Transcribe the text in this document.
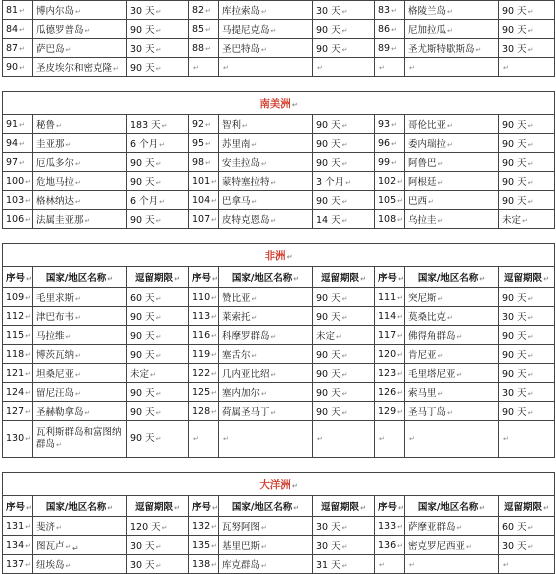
81↵	博内尔岛↵	30 天↵	82↵	库拉索岛↵	30 天↵	83↵	格陵兰岛↵	90 天↵
84↵	瓜德罗普岛↵	90 天↵	85↵	马提尼克岛↵	90 天↵	86↵	尼加拉瓜↵	90 天↵
87↵	萨巴岛↵	30 天↵	88↵	圣巴特岛↵	90 天↵	89↵	圣尤斯特歇斯岛↵	30 天↵
90↵	圣皮埃尔和密克隆↵	90 天↵	↵	↵	↵	↵	↵	↵

南美洲↵								
91↵	秘鲁↵	183 天↵	92↵	智利↵	90 天↵	93↵	哥伦比亚↵	90 天↵
94↵	圭亚那↵	6 个月↵	95↵	苏里南↵	90 天↵	96↵	委内瑞拉↵	90 天↵
97↵	厄瓜多尔↵	90 天↵	98↵	安圭拉岛↵	90 天↵	99↵	阿鲁巴↵	90 天↵
100↵	危地马拉↵	90 天↵	101↵	蒙特塞拉特↵	3 个月↵	102↵	阿根廷↵	90 天↵
103↵	格林纳达↵	6 个月↵	104↵	巴拿马↵	90 天↵	105↵	巴西↵	90 天↵
106↵	法属圭亚那↵	90 天↵	107↵	皮特克恩岛↵	14 天↵	108↵	乌拉圭↵	未定↵

非洲↵								
序号↵	国家/地区名称↵	逗留期限↵	序号↵	国家/地区名称↵	逗留期限↵	序号↵	国家/地区名称↵	逗留期限↵
109↵	毛里求斯↵	60 天↵	110↵	赞比亚↵	90 天↵	111↵	突尼斯↵	90 天↵
112↵	津巴布韦↵	90 天↵	113↵	莱索托↵	90 天↵	114↵	莫桑比克↵	30 天↵
115↵	马拉维↵	90 天↵	116↵	科摩罗群岛↵	未定↵	117↵	佛得角群岛↵	90 天↵
118↵	博茨瓦纳↵	90 天↵	119↵	塞舌尔↵	90 天↵	120↵	肯尼亚↵	90 天↵
121↵	坦桑尼亚↵	未定↵	122↵	几内亚比绍↵	90 天↵	123↵	毛里塔尼亚↵	90 天↵
124↵	留尼汪岛↵	90 天↵	125↵	塞内加尔↵	90 天↵	126↵	索马里↵	30 天↵
127↵	圣赫勒拿岛↵	90 天↵	128↵	荷属圣马丁↵	90 天↵	129↵	圣马丁岛↵	90 天↵
130↵	瓦利斯群岛和富图纳群岛↵	90 天↵	↵	↵	↵	↵	↵	↵

大洋洲↵								
序号↵	国家/地区名称↵	逗留期限↵	序号↵	国家/地区名称↵	逗留期限↵	序号↵	国家/地区名称↵	逗留期限↵
131↵	斐济↵	120 天↵	132↵	瓦努阿图↵	30 天↵	133↵	萨摩亚群岛↵	60 天↵
134↵	图瓦卢↵	30 天↵	135↵	基里巴斯↵	30 天↵	136↵	密克罗尼西亚↵	30 天↵
137↵	纽埃岛↵	30 天↵	138↵	库克群岛↵	31 天↵	↵	↵	↵
↵
